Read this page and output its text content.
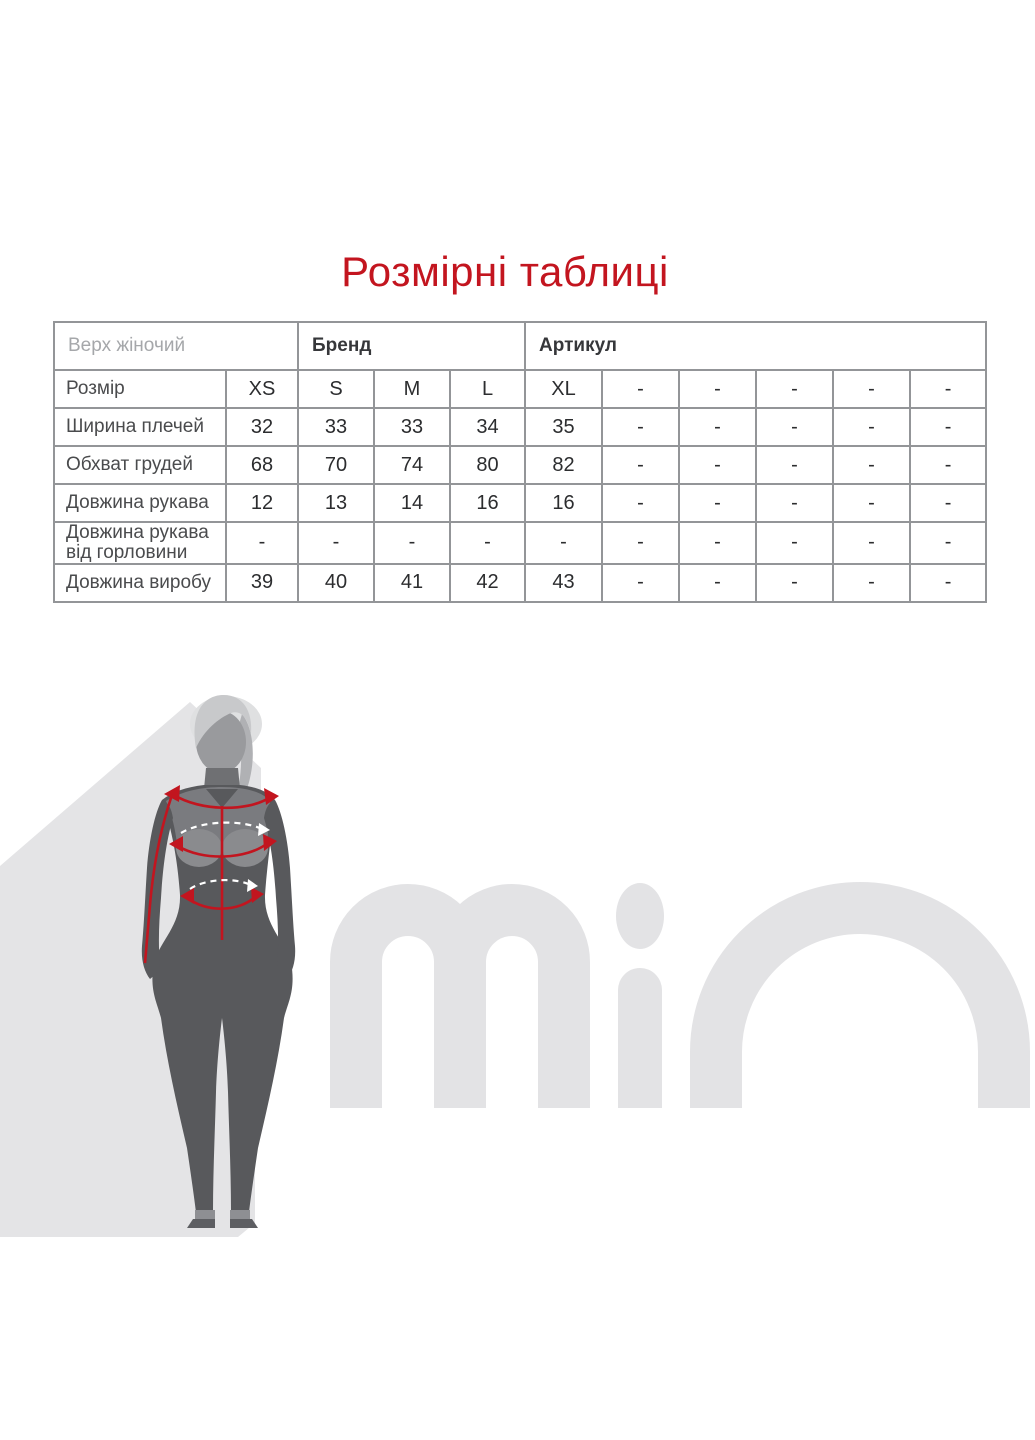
Розмірні таблиці
Верх жіночий		Бренд			Артикул					
Розмір	XS	S	M	L	XL	-	-	-	-	-
Ширина плечей	32	33	33	34	35	-	-	-	-	-
Обхват грудей	68	70	74	80	82	-	-	-	-	-
Довжина рукава	12	13	14	16	16	-	-	-	-	-
Довжина рукава від горловини	-	-	-	-	-	-	-	-	-	-
Довжина виробу	39	40	41	42	43	-	-	-	-	-
